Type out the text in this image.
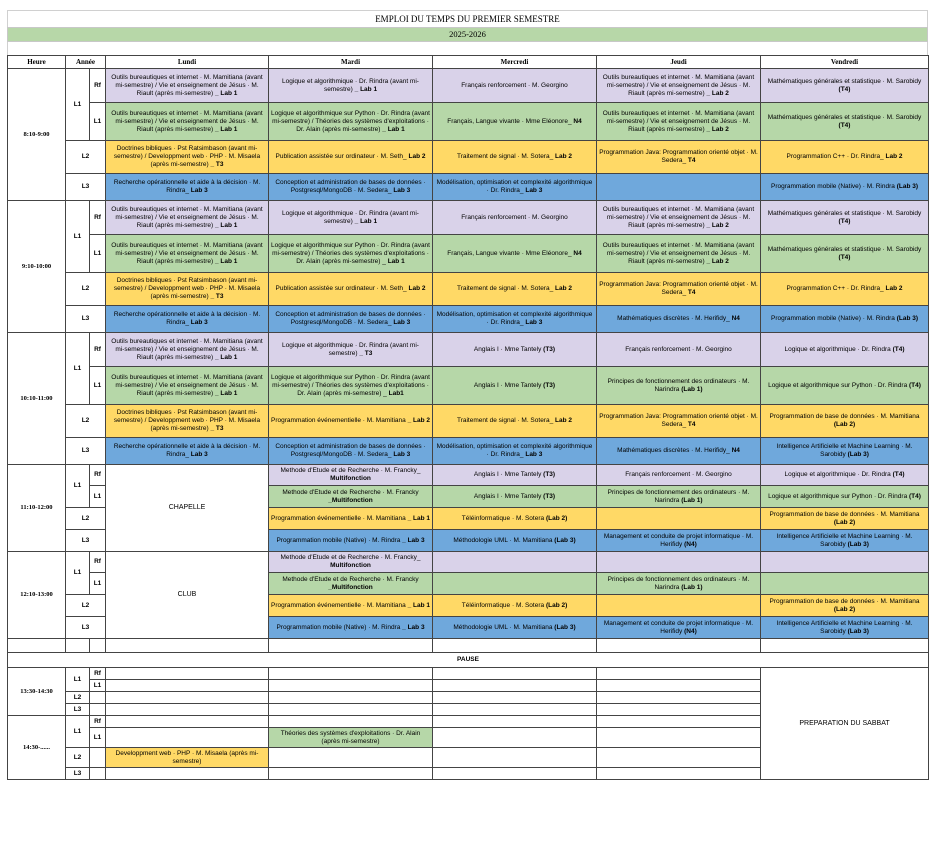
EMPLOI DU TEMPS DU PREMIER SEMESTRE
2025-2026
Heure	Année		Lundi	Mardi	Mercredi	Jeudi	Vendredi
8:10-9:00	L1	Rf	Outils bureautiques et internet · M. Mamitiana (avant mi-semestre) / Vie et enseignement de Jésus · M. Riault (après mi-semestre) _ Lab 1	Logique et algorithmique · Dr. Rindra (avant mi-semestre) _ Lab 1	Français renforcement · M. Georgino	Outils bureautiques et internet · M. Mamitiana (avant mi-semestre) / Vie et enseignement de Jésus · M. Riault (après mi-semestre) _ Lab 2	Mathématiques générales et statistique · M. Sarobidy (T4)
		L1	Outils bureautiques et internet · M. Mamitiana (avant mi-semestre) / Vie et enseignement de Jésus · M. Riault (après mi-semestre) _ Lab 1	Logique et algorithmique sur Python · Dr. Rindra (avant mi-semestre) / Théories des systèmes d'exploitations · Dr. Alain (après mi-semestre) _ Lab 1	Français, Langue vivante · Mme Eléonore_ N4	Outils bureautiques et internet · M. Mamitiana (avant mi-semestre) / Vie et enseignement de Jésus · M. Riault (après mi-semestre) _ Lab 2	Mathématiques générales et statistique · M. Sarobidy (T4)
	L2		Doctrines bibliques · Pst Ratsimbason (avant mi-semestre) / Developpment web · PHP · M. Misaela (après mi-semestre) _ T3	Publication assistée sur ordinateur · M. Seth_ Lab 2	Traitement de signal · M. Sotera_ Lab 2	Programmation Java: Programmation orienté objet · M. Sedera_ T4	Programmation C++ · Dr. Rindra_ Lab 2
	L3		Recherche opérationnelle et aide à la décision · M. Rindra_ Lab 3	Conception et administration de bases de données · Postgresql/MongoDB · M. Sedera_ Lab 3	Modélisation, optimisation et complexité algorithmique · Dr. Rindra_ Lab 3		Programmation mobile (Native) · M. Rindra (Lab 3)
9:10-10:00	L1	Rf	Outils bureautiques et internet · M. Mamitiana (avant mi-semestre) / Vie et enseignement de Jésus · M. Riault (après mi-semestre) _ Lab 1	Logique et algorithmique · Dr. Rindra (avant mi-semestre) _ Lab 1	Français renforcement · M. Georgino	Outils bureautiques et internet · M. Mamitiana (avant mi-semestre) / Vie et enseignement de Jésus · M. Riault (après mi-semestre) _ Lab 2	Mathématiques générales et statistique · M. Sarobidy (T4)
		L1	Outils bureautiques et internet · M. Mamitiana (avant mi-semestre) / Vie et enseignement de Jésus · M. Riault (après mi-semestre) _ Lab 1	Logique et algorithmique sur Python · Dr. Rindra (avant mi-semestre) / Théories des systèmes d'exploitations · Dr. Alain (après mi-semestre) _ Lab 1	Français, Langue vivante · Mme Eléonore_ N4	Outils bureautiques et internet · M. Mamitiana (avant mi-semestre) / Vie et enseignement de Jésus · M. Riault (après mi-semestre) _ Lab 2	Mathématiques générales et statistique · M. Sarobidy (T4)
	L2		Doctrines bibliques · Pst Ratsimbason (avant mi-semestre) / Developpment web · PHP · M. Misaela (après mi-semestre) _ T3	Publication assistée sur ordinateur · M. Seth_ Lab 2	Traitement de signal · M. Sotera_ Lab 2	Programmation Java: Programmation orienté objet · M. Sedera_ T4	Programmation C++ · Dr. Rindra_ Lab 2
	L3		Recherche opérationnelle et aide à la décision · M. Rindra_ Lab 3	Conception et administration de bases de données · Postgresql/MongoDB · M. Sedera_ Lab 3	Modélisation, optimisation et complexité algorithmique · Dr. Rindra_ Lab 3	Mathématiques discrètes · M. Herifidy_ N4	Programmation mobile (Native) · M. Rindra (Lab 3)
10:10-11:00	L1	Rf	Outils bureautiques et internet · M. Mamitiana (avant mi-semestre) / Vie et enseignement de Jésus · M. Riault (après mi-semestre) _ Lab 1	Logique et algorithmique · Dr. Rindra (avant mi-semestre) _ T3	Anglais I · Mme Tantely (T3)	Français renforcement · M. Georgino	Logique et algorithmique · Dr. Rindra (T4)
		L1	Outils bureautiques et internet · M. Mamitiana (avant mi-semestre) / Vie et enseignement de Jésus · M. Riault (après mi-semestre) _ Lab 1	Logique et algorithmique sur Python · Dr. Rindra (avant mi-semestre) / Théories des systèmes d'exploitations · Dr. Alain (après mi-semestre) _ Lab1	Anglais I · Mme Tantely (T3)	Principes de fonctionnement des ordinateurs · M. Narindra (Lab 1)	Logique et algorithmique sur Python · Dr. Rindra (T4)
	L2		Doctrines bibliques · Pst Ratsimbason (avant mi-semestre) / Developpment web · PHP · M. Misaela (après mi-semestre) _ T3	Programmation événementielle · M. Mamitiana _ Lab 2	Traitement de signal · M. Sotera_ Lab 2	Programmation Java: Programmation orienté objet · M. Sedera_ T4	Programmation de base de données · M. Mamitiana (Lab 2)
	L3		Recherche opérationnelle et aide à la décision · M. Rindra_ Lab 3	Conception et administration de bases de données · Postgresql/MongoDB · M. Sedera_ Lab 3	Modélisation, optimisation et complexité algorithmique · Dr. Rindra_ Lab 3	Mathématiques discrètes · M. Herifidy_ N4	Intelligence Artificielle et Machine Learning · M. Sarobidy (Lab 3)
11:10-12:00	L1	Rf	CHAPELLE	Methode d'Etude et de Recherche · M. Francky_ Multifonction	Anglais I · Mme Tantely (T3)	Français renforcement · M. Georgino	Logique et algorithmique · Dr. Rindra (T4)
		L1		Methode d'Etude et de Recherche · M. Francky _Multifonction	Anglais I · Mme Tantely (T3)	Principes de fonctionnement des ordinateurs · M. Narindra (Lab 1)	Logique et algorithmique sur Python · Dr. Rindra (T4)
	L2			Programmation événementielle · M. Mamitiana _ Lab 1	Téléinformatique · M. Sotera (Lab 2)		Programmation de base de données · M. Mamitiana (Lab 2)
	L3			Programmation mobile (Native) · M. Rindra _ Lab 3	Méthodologie UML · M. Mamitiana (Lab 3)	Management et conduite de projet informatique · M. Herifidy (N4)	Intelligence Artificielle et Machine Learning · M. Sarobidy (Lab 3)
12:10-13:00	L1	Rf	CLUB	Methode d'Etude et de Recherche · M. Francky_ Multifonction			
		L1		Methode d'Etude et de Recherche · M. Francky _Multifonction		Principes de fonctionnement des ordinateurs · M. Narindra (Lab 1)	
	L2			Programmation événementielle · M. Mamitiana _ Lab 1	Téléinformatique · M. Sotera (Lab 2)		Programmation de base de données · M. Mamitiana (Lab 2)
	L3			Programmation mobile (Native) · M. Rindra _ Lab 3	Méthodologie UML · M. Mamitiana (Lab 3)	Management et conduite de projet informatique · M. Herifidy (N4)	Intelligence Artificielle et Machine Learning · M. Sarobidy (Lab 3)

PAUSE							
13:30-14:30	L1	Rf					PREPARATION DU SABBAT
		L1					
	L2						
	L3						
14:30-......	L1	Rf					
		L1		Théories des systèmes d'exploitations · Dr. Alain (après mi-semestre)			
	L2		Developpment web · PHP · M. Misaela (après mi-semestre)				
	L3						
